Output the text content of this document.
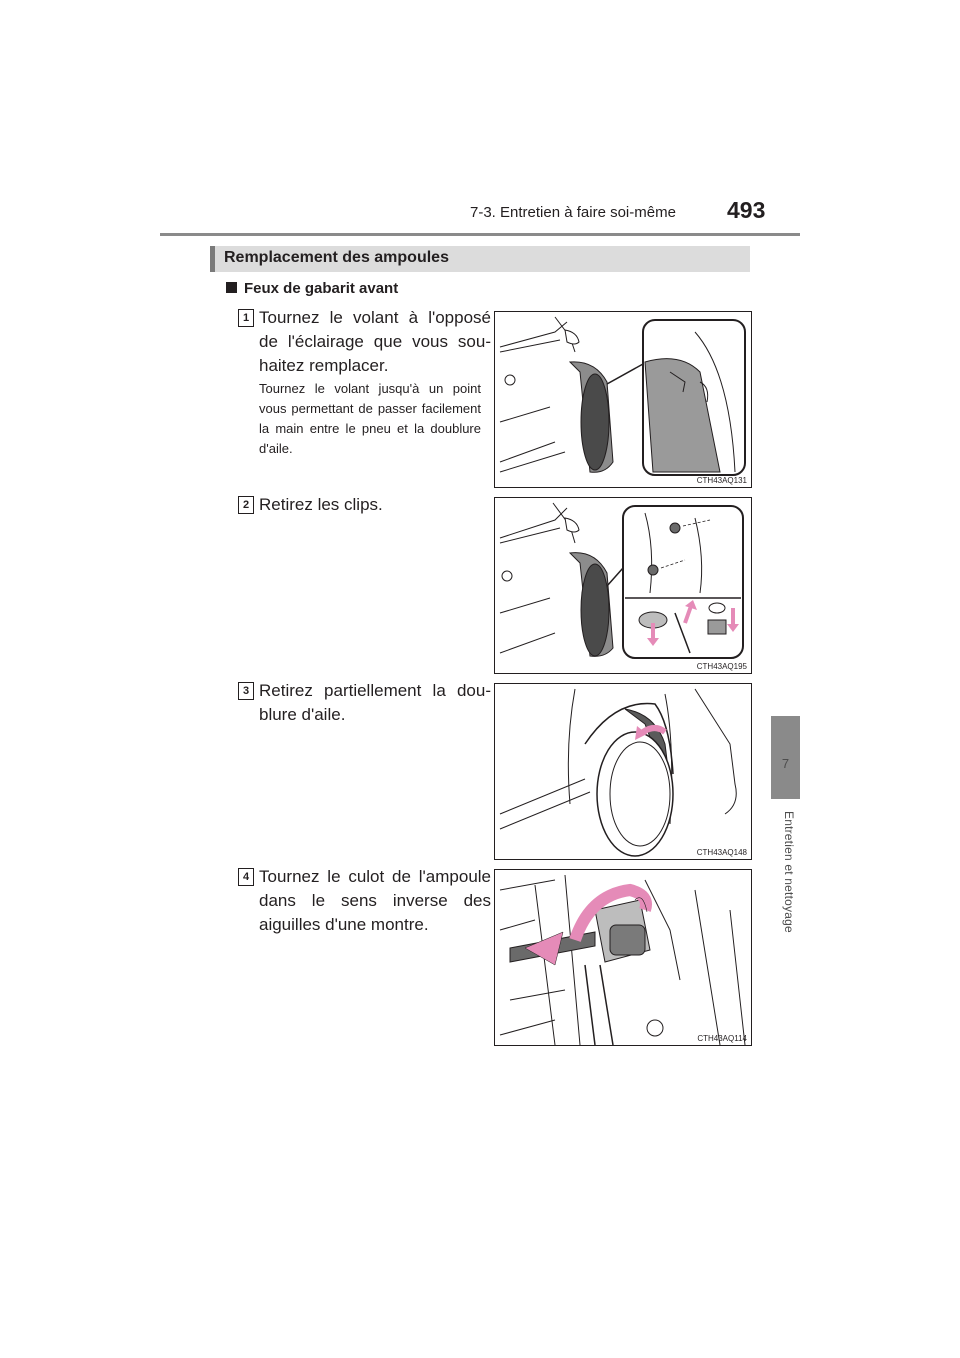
7-3. Entretien à faire soi-même 493
7
Entretien et nettoyage
Remplacement des ampoules
Feux de gabarit avant
1 Tournez le volant à l'opposé de l'éclairage que vous sou-haitez remplacer.
Tournez le volant jusqu'à un point vous permettant de passer facilement la main entre le pneu et la doublure d'aile.
CTH43AQ131
2 Retirez les clips.
CTH43AQ195
3 Retirez partiellement la dou-blure d'aile.
CTH43AQ148
4 Tournez le culot de l'ampoule dans le sens inverse des aiguilles d'une montre.
CTH43AQ114
